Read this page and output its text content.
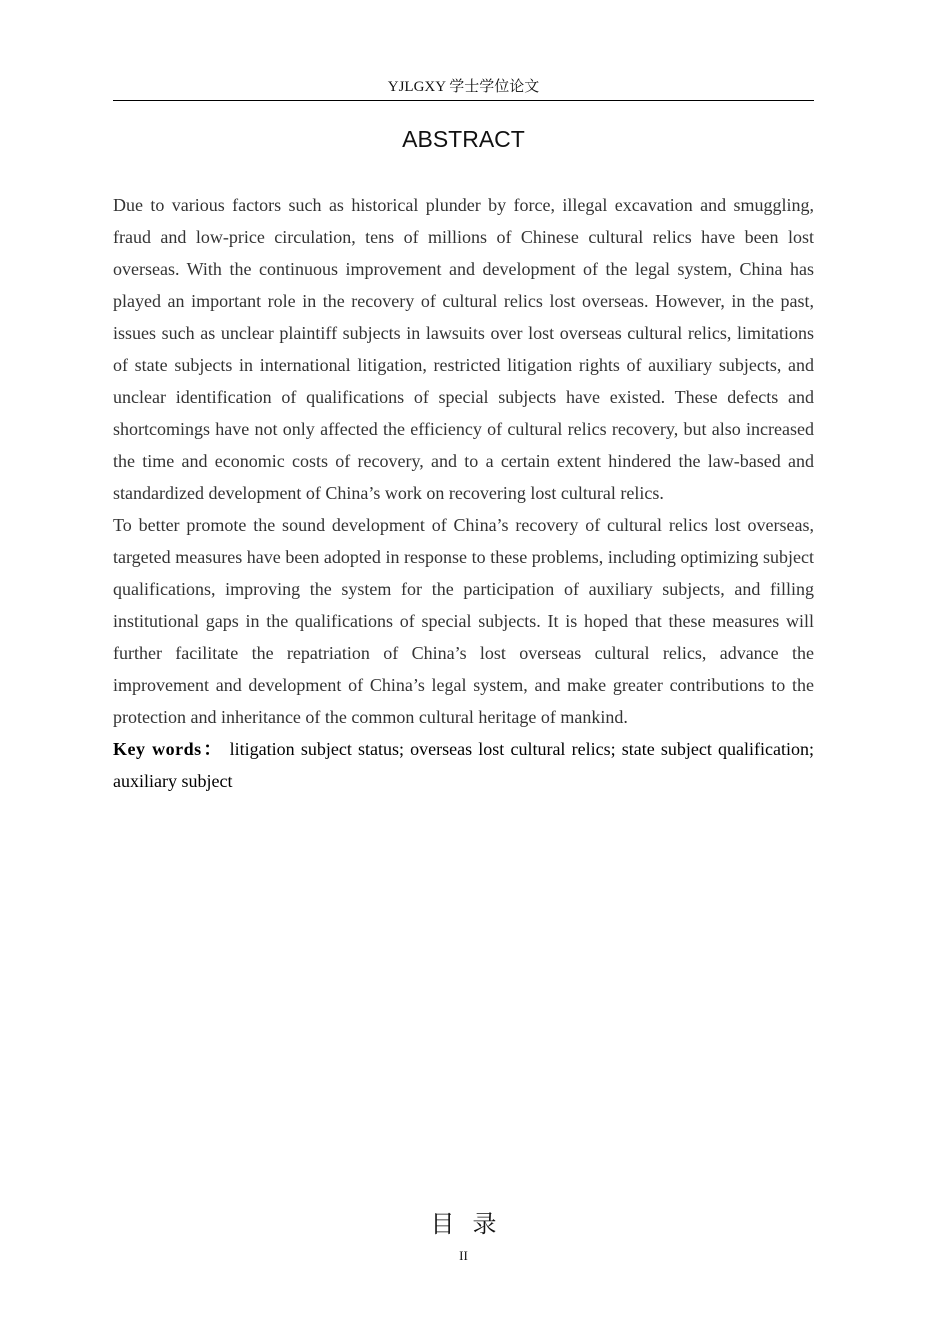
YJLGXY 学士学位论文
ABSTRACT

Due to various factors such as historical plunder by force, illegal excavation and smuggling, fraud and low-price circulation, tens of millions of Chinese cultural relics have been lost overseas. With the continuous improvement and development of the legal system, China has played an important role in the recovery of cultural relics lost overseas. However, in the past, issues such as unclear plaintiff subjects in lawsuits over lost overseas cultural relics, limitations of state subjects in international litigation, restricted litigation rights of auxiliary subjects, and unclear identification of qualifications of special subjects have existed. These defects and shortcomings have not only affected the efficiency of cultural relics recovery, but also increased the time and economic costs of recovery, and to a certain extent hindered the law-based and standardized development of China’s work on recovering lost cultural relics.

To better promote the sound development of China’s recovery of cultural relics lost overseas, targeted measures have been adopted in response to these problems, including optimizing subject qualifications, improving the system for the participation of auxiliary subjects, and filling institutional gaps in the qualifications of special subjects. It is hoped that these measures will further facilitate the repatriation of China’s lost overseas cultural relics, advance the improvement and development of China’s legal system, and make greater contributions to the protection and inheritance of the common cultural heritage of mankind.

Key words： litigation subject status; overseas lost cultural relics; state subject qualification; auxiliary subject

目录
II
